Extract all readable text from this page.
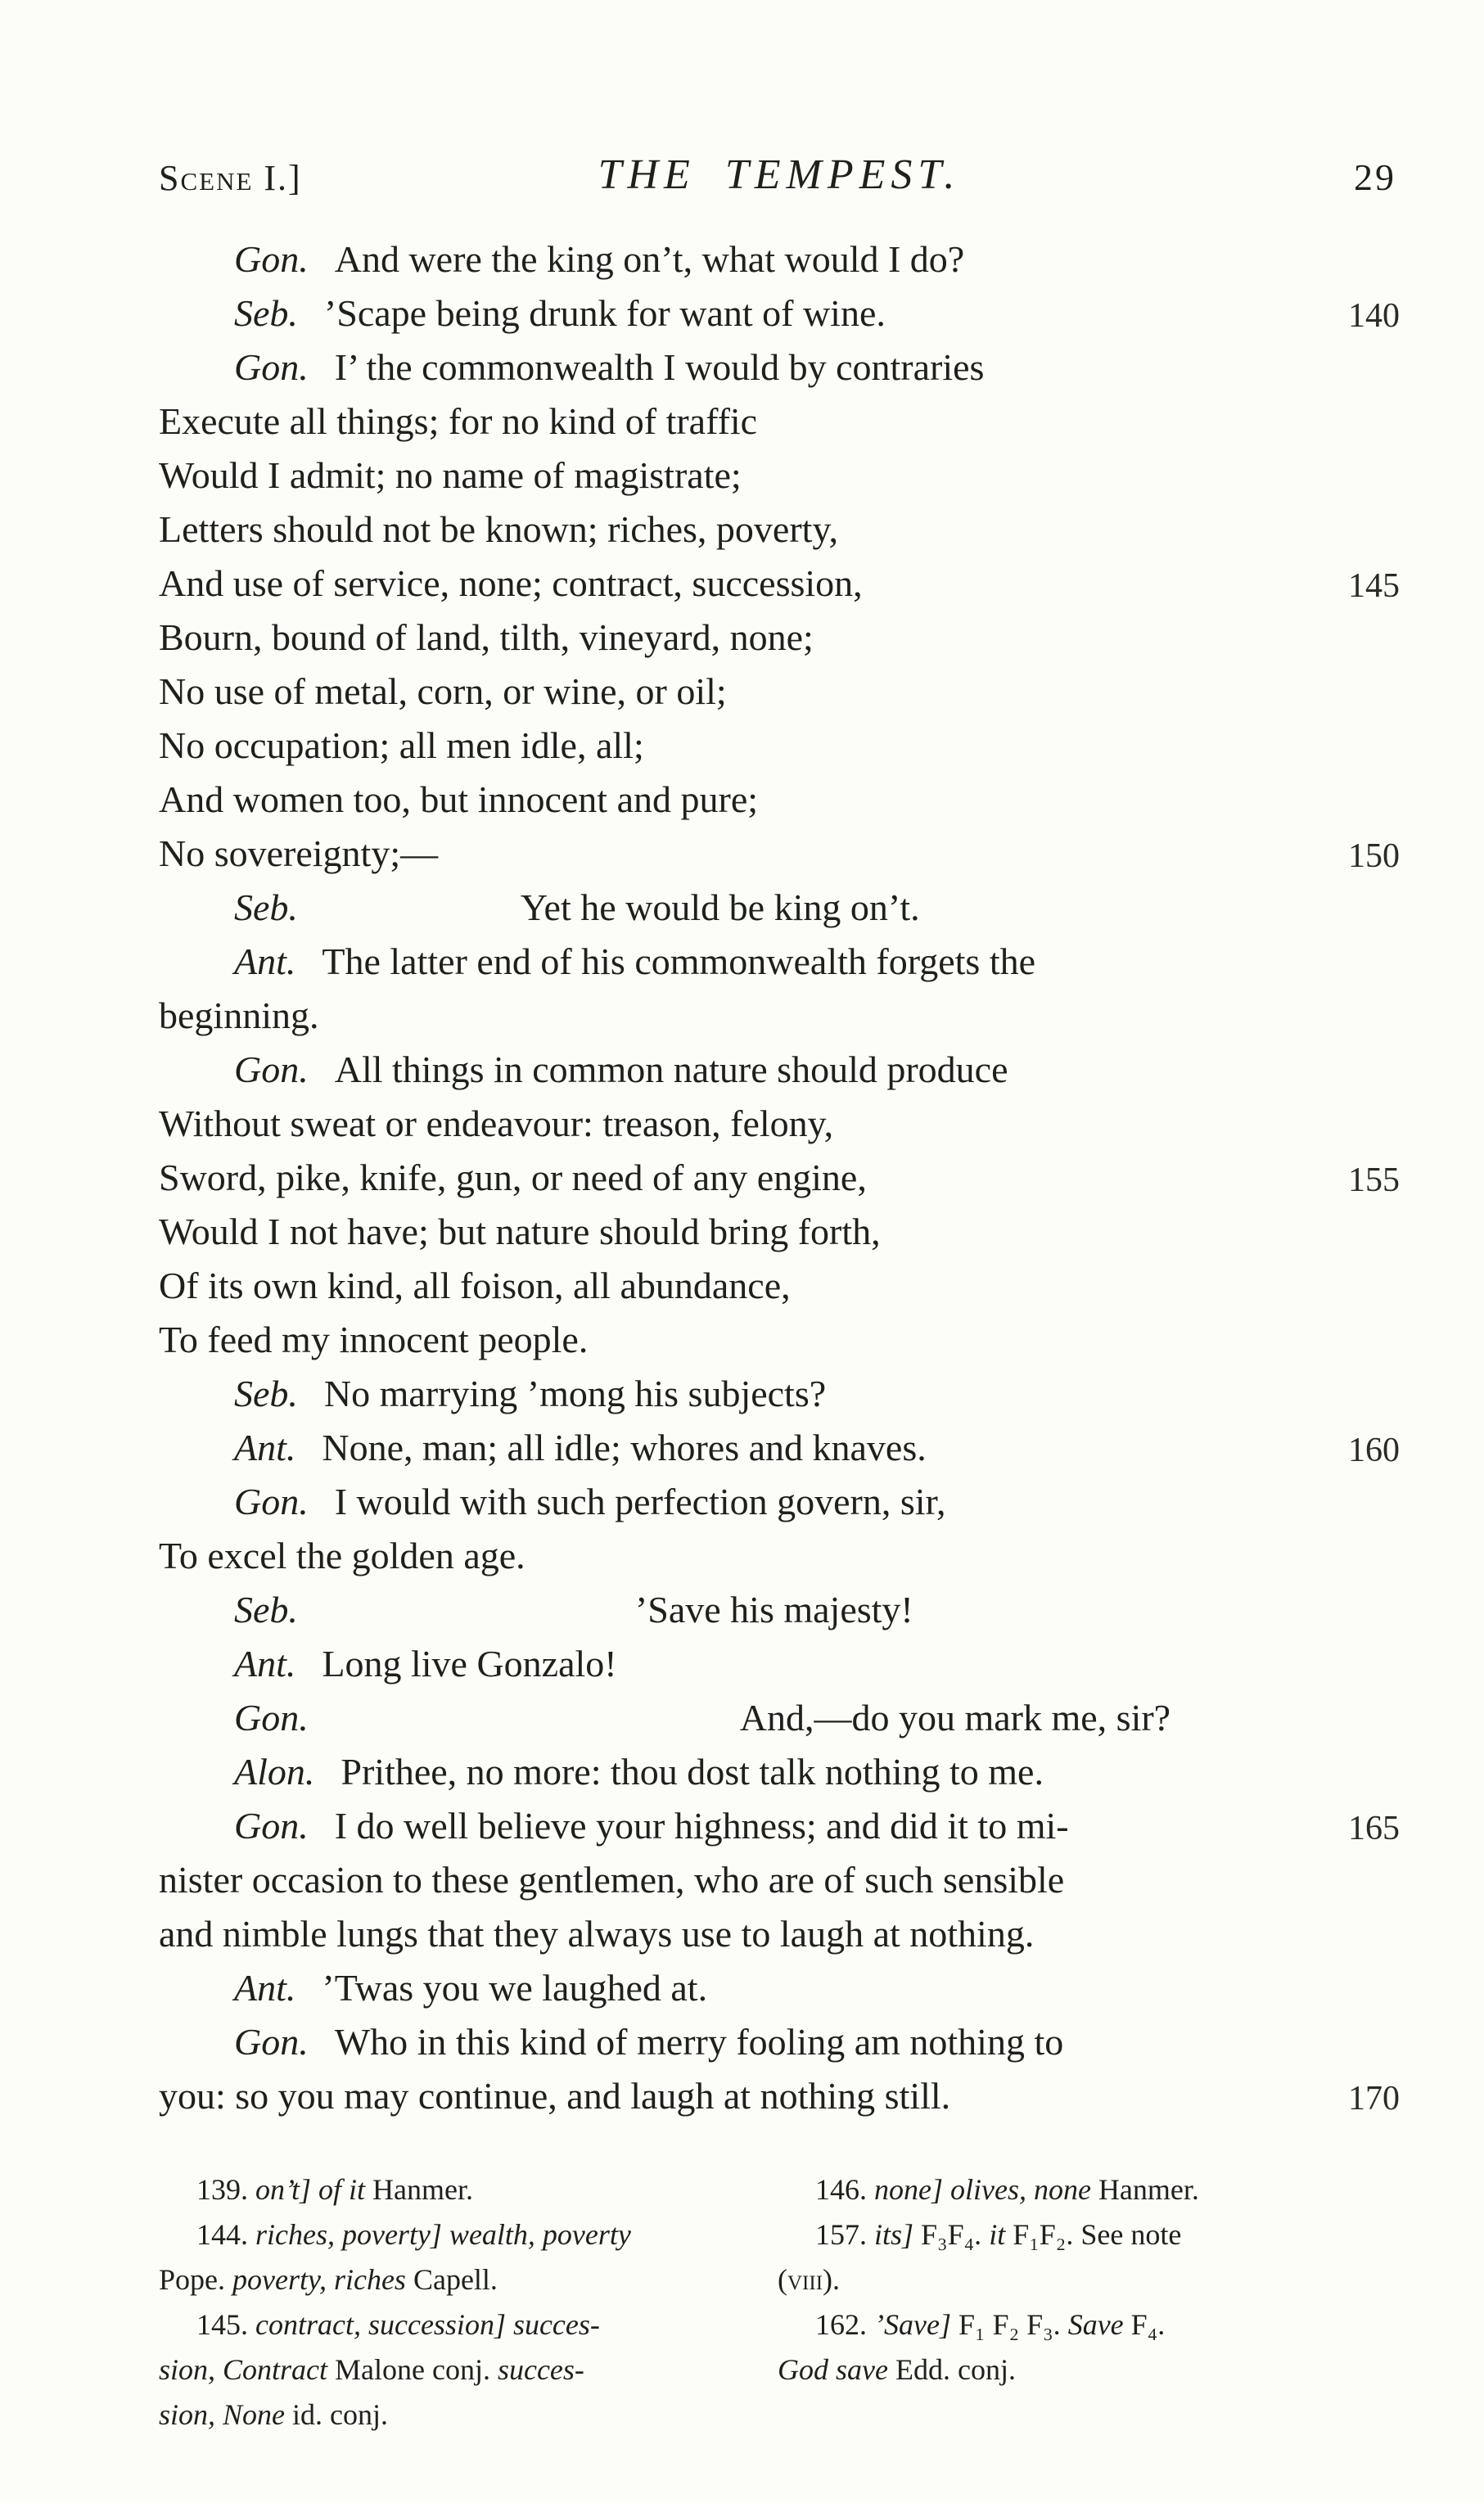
Scene I.]	THE TEMPEST.	29
Gon. And were the king on’t, what would I do?
Seb. ’Scape being drunk for want of wine.	140
Gon. I’ the commonwealth I would by contraries
Execute all things; for no kind of traffic
Would I admit; no name of magistrate;
Letters should not be known; riches, poverty,
And use of service, none; contract, succession,	145
Bourn, bound of land, tilth, vineyard, none;
No use of metal, corn, or wine, or oil;
No occupation; all men idle, all;
And women too, but innocent and pure;
No sovereignty;—	150
Seb.	Yet he would be king on’t.
Ant. The latter end of his commonwealth forgets the
beginning.
Gon. All things in common nature should produce
Without sweat or endeavour: treason, felony,
Sword, pike, knife, gun, or need of any engine,	155
Would I not have; but nature should bring forth,
Of its own kind, all foison, all abundance,
To feed my innocent people.
Seb. No marrying ’mong his subjects?
Ant. None, man; all idle; whores and knaves.	160
Gon. I would with such perfection govern, sir,
To excel the golden age.
Seb.	’Save his majesty!
Ant. Long live Gonzalo!
Gon.	And,—do you mark me, sir?
Alon. Prithee, no more: thou dost talk nothing to me.
Gon. I do well believe your highness; and did it to mi-	165
nister occasion to these gentlemen, who are of such sensible
and nimble lungs that they always use to laugh at nothing.
Ant. ’Twas you we laughed at.
Gon. Who in this kind of merry fooling am nothing to
you: so you may continue, and laugh at nothing still.	170
139. on’t] of it Hanmer.
144. riches, poverty] wealth, poverty
Pope. poverty, riches Capell.
145. contract, succession] succes-
sion, Contract Malone conj. succes-
sion, None id. conj.
146. none] olives, none Hanmer.
157. its] F₃F₄. it F₁F₂. See note
(viii).
162. ’Save] F₁ F₂ F₃. Save F₄.
God save Edd. conj.
